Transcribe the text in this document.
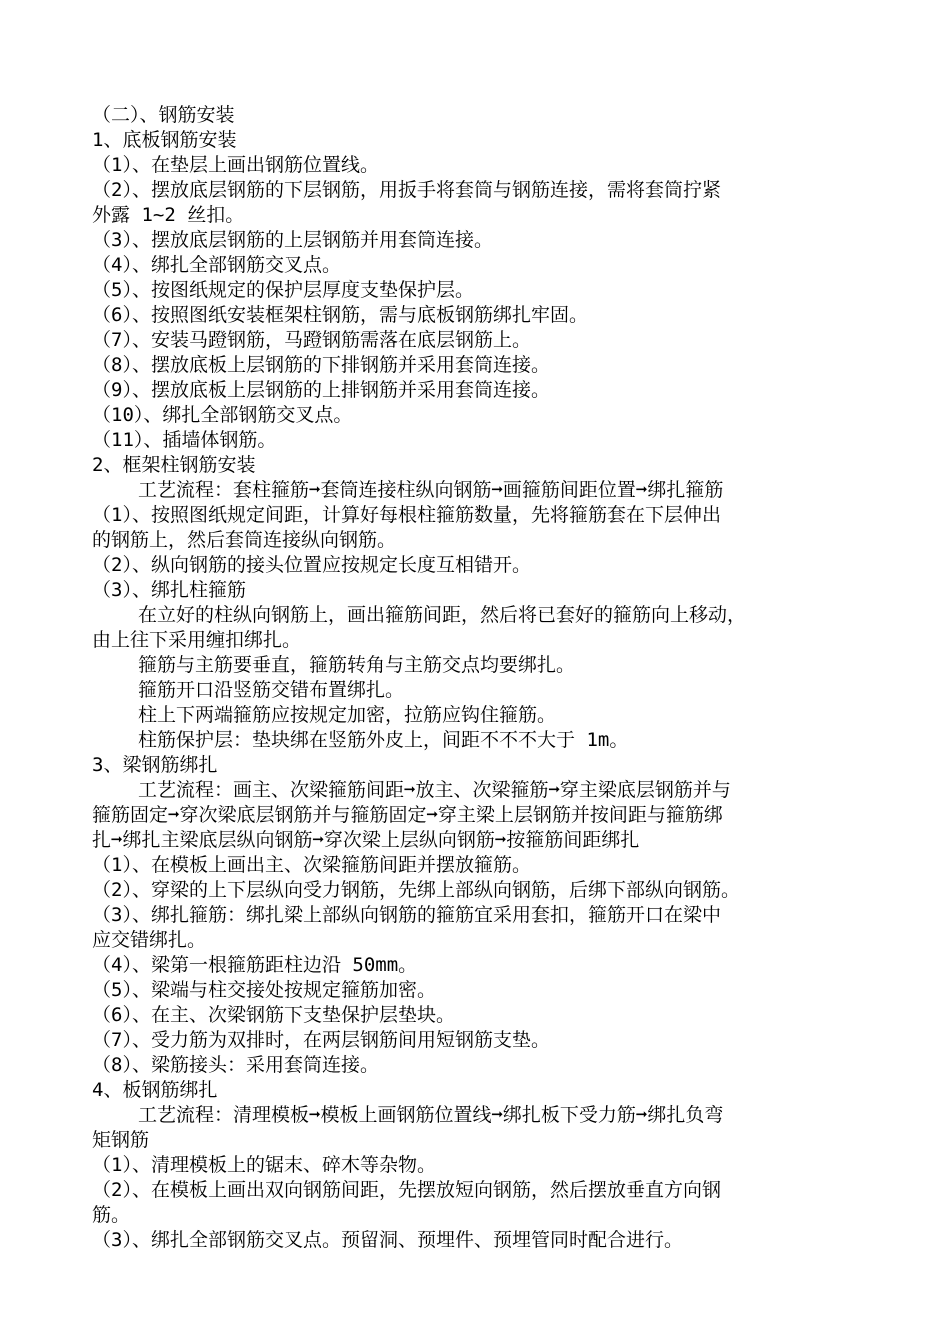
（二）、钢筋安装
1、底板钢筋安装
（1）、在垫层上画出钢筋位置线。
（2）、摆放底层钢筋的下层钢筋，用扳手将套筒与钢筋连接，需将套筒拧紧
外露 1~2 丝扣。
（3）、摆放底层钢筋的上层钢筋并用套筒连接。
（4）、绑扎全部钢筋交叉点。
（5）、按图纸规定的保护层厚度支垫保护层。
（6）、按照图纸安装框架柱钢筋，需与底板钢筋绑扎牢固。
（7）、安装马蹬钢筋，马蹬钢筋需落在底层钢筋上。
（8）、摆放底板上层钢筋的下排钢筋并采用套筒连接。
（9）、摆放底板上层钢筋的上排钢筋并采用套筒连接。
（10）、绑扎全部钢筋交叉点。
（11）、插墙体钢筋。
2、框架柱钢筋安装
工艺流程：套柱箍筋➞套筒连接柱纵向钢筋➞画箍筋间距位置➞绑扎箍筋
（1）、按照图纸规定间距，计算好每根柱箍筋数量，先将箍筋套在下层伸出
的钢筋上，然后套筒连接纵向钢筋。
（2）、纵向钢筋的接头位置应按规定长度互相错开。
（3）、绑扎柱箍筋
在立好的柱纵向钢筋上，画出箍筋间距，然后将已套好的箍筋向上移动，
由上往下采用缠扣绑扎。
箍筋与主筋要垂直，箍筋转角与主筋交点均要绑扎。
箍筋开口沿竖筋交错布置绑扎。
柱上下两端箍筋应按规定加密，拉筋应钩住箍筋。
柱筋保护层：垫块绑在竖筋外皮上，间距不不不大于 1m。
3、梁钢筋绑扎
工艺流程：画主、次梁箍筋间距➞放主、次梁箍筋➞穿主梁底层钢筋并与
箍筋固定➞穿次梁底层钢筋并与箍筋固定➞穿主梁上层钢筋并按间距与箍筋绑
扎➞绑扎主梁底层纵向钢筋➞穿次梁上层纵向钢筋➞按箍筋间距绑扎
（1）、在模板上画出主、次梁箍筋间距并摆放箍筋。
（2）、穿梁的上下层纵向受力钢筋，先绑上部纵向钢筋，后绑下部纵向钢筋。
（3）、绑扎箍筋：绑扎梁上部纵向钢筋的箍筋宜采用套扣，箍筋开口在梁中
应交错绑扎。
（4）、梁第一根箍筋距柱边沿 50mm。
（5）、梁端与柱交接处按规定箍筋加密。
（6）、在主、次梁钢筋下支垫保护层垫块。
（7）、受力筋为双排时，在两层钢筋间用短钢筋支垫。
（8）、梁筋接头：采用套筒连接。
4、板钢筋绑扎
工艺流程：清理模板➞模板上画钢筋位置线➞绑扎板下受力筋➞绑扎负弯
矩钢筋
（1）、清理模板上的锯末、碎木等杂物。
（2）、在模板上画出双向钢筋间距，先摆放短向钢筋，然后摆放垂直方向钢
筋。
（3）、绑扎全部钢筋交叉点。预留洞、预埋件、预埋管同时配合进行。
